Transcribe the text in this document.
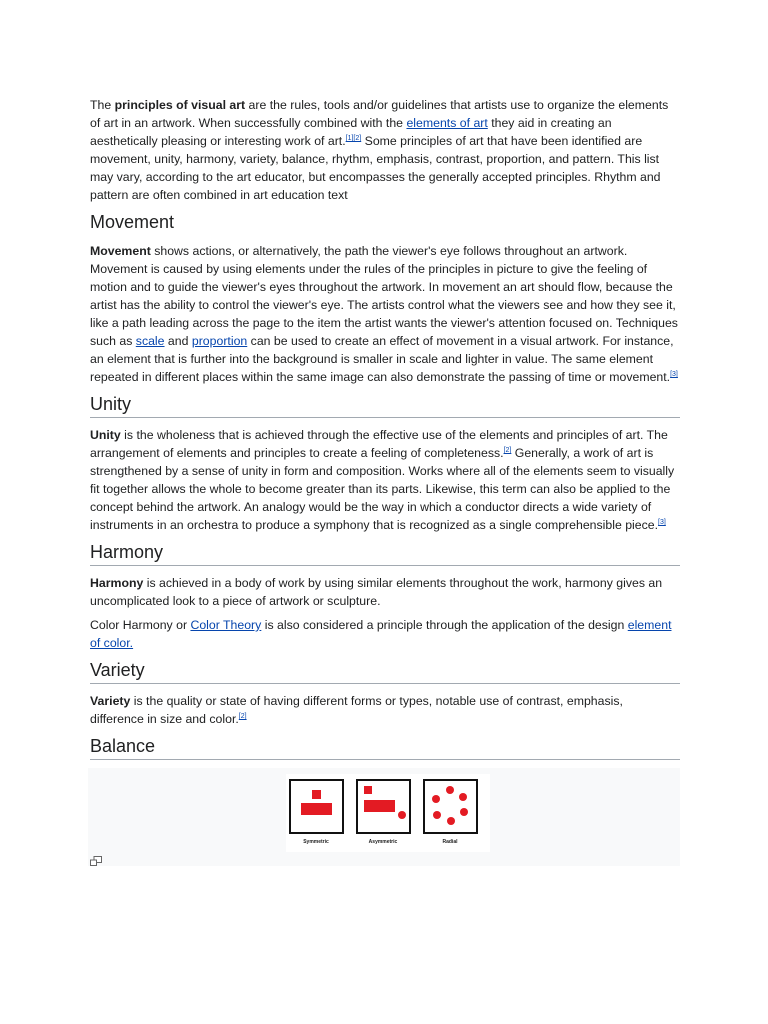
The principles of visual art are the rules, tools and/or guidelines that artists use to organize the elements of art in an artwork. When successfully combined with the elements of art they aid in creating an aesthetically pleasing or interesting work of art.[1][2] Some principles of art that have been identified are movement, unity, harmony, variety, balance, rhythm, emphasis, contrast, proportion, and pattern. This list may vary, according to the art educator, but encompasses the generally accepted principles. Rhythm and pattern are often combined in art education text

Movement

Movement shows actions, or alternatively, the path the viewer's eye follows throughout an artwork. Movement is caused by using elements under the rules of the principles in picture to give the feeling of motion and to guide the viewer's eyes throughout the artwork. In movement an art should flow, because the artist has the ability to control the viewer's eye. The artists control what the viewers see and how they see it, like a path leading across the page to the item the artist wants the viewer's attention focused on. Techniques such as scale and proportion can be used to create an effect of movement in a visual artwork. For instance, an element that is further into the background is smaller in scale and lighter in value. The same element repeated in different places within the same image can also demonstrate the passing of time or movement.[3]

Unity

Unity is the wholeness that is achieved through the effective use of the elements and principles of art. The arrangement of elements and principles to create a feeling of completeness.[2] Generally, a work of art is strengthened by a sense of unity in form and composition. Works where all of the elements seem to visually fit together allows the whole to become greater than its parts. Likewise, this term can also be applied to the concept behind the artwork. An analogy would be the way in which a conductor directs a wide variety of instruments in an orchestra to produce a symphony that is recognized as a single comprehensible piece.[3]

Harmony

Harmony is achieved in a body of work by using similar elements throughout the work, harmony gives an uncomplicated look to a piece of artwork or sculpture.

Color Harmony or Color Theory is also considered a principle through the application of the design element of color.

Variety

Variety is the quality or state of having different forms or types, notable use of contrast, emphasis, difference in size and color.[2]

Balance
Symmetric	Asymmetric	Radial
